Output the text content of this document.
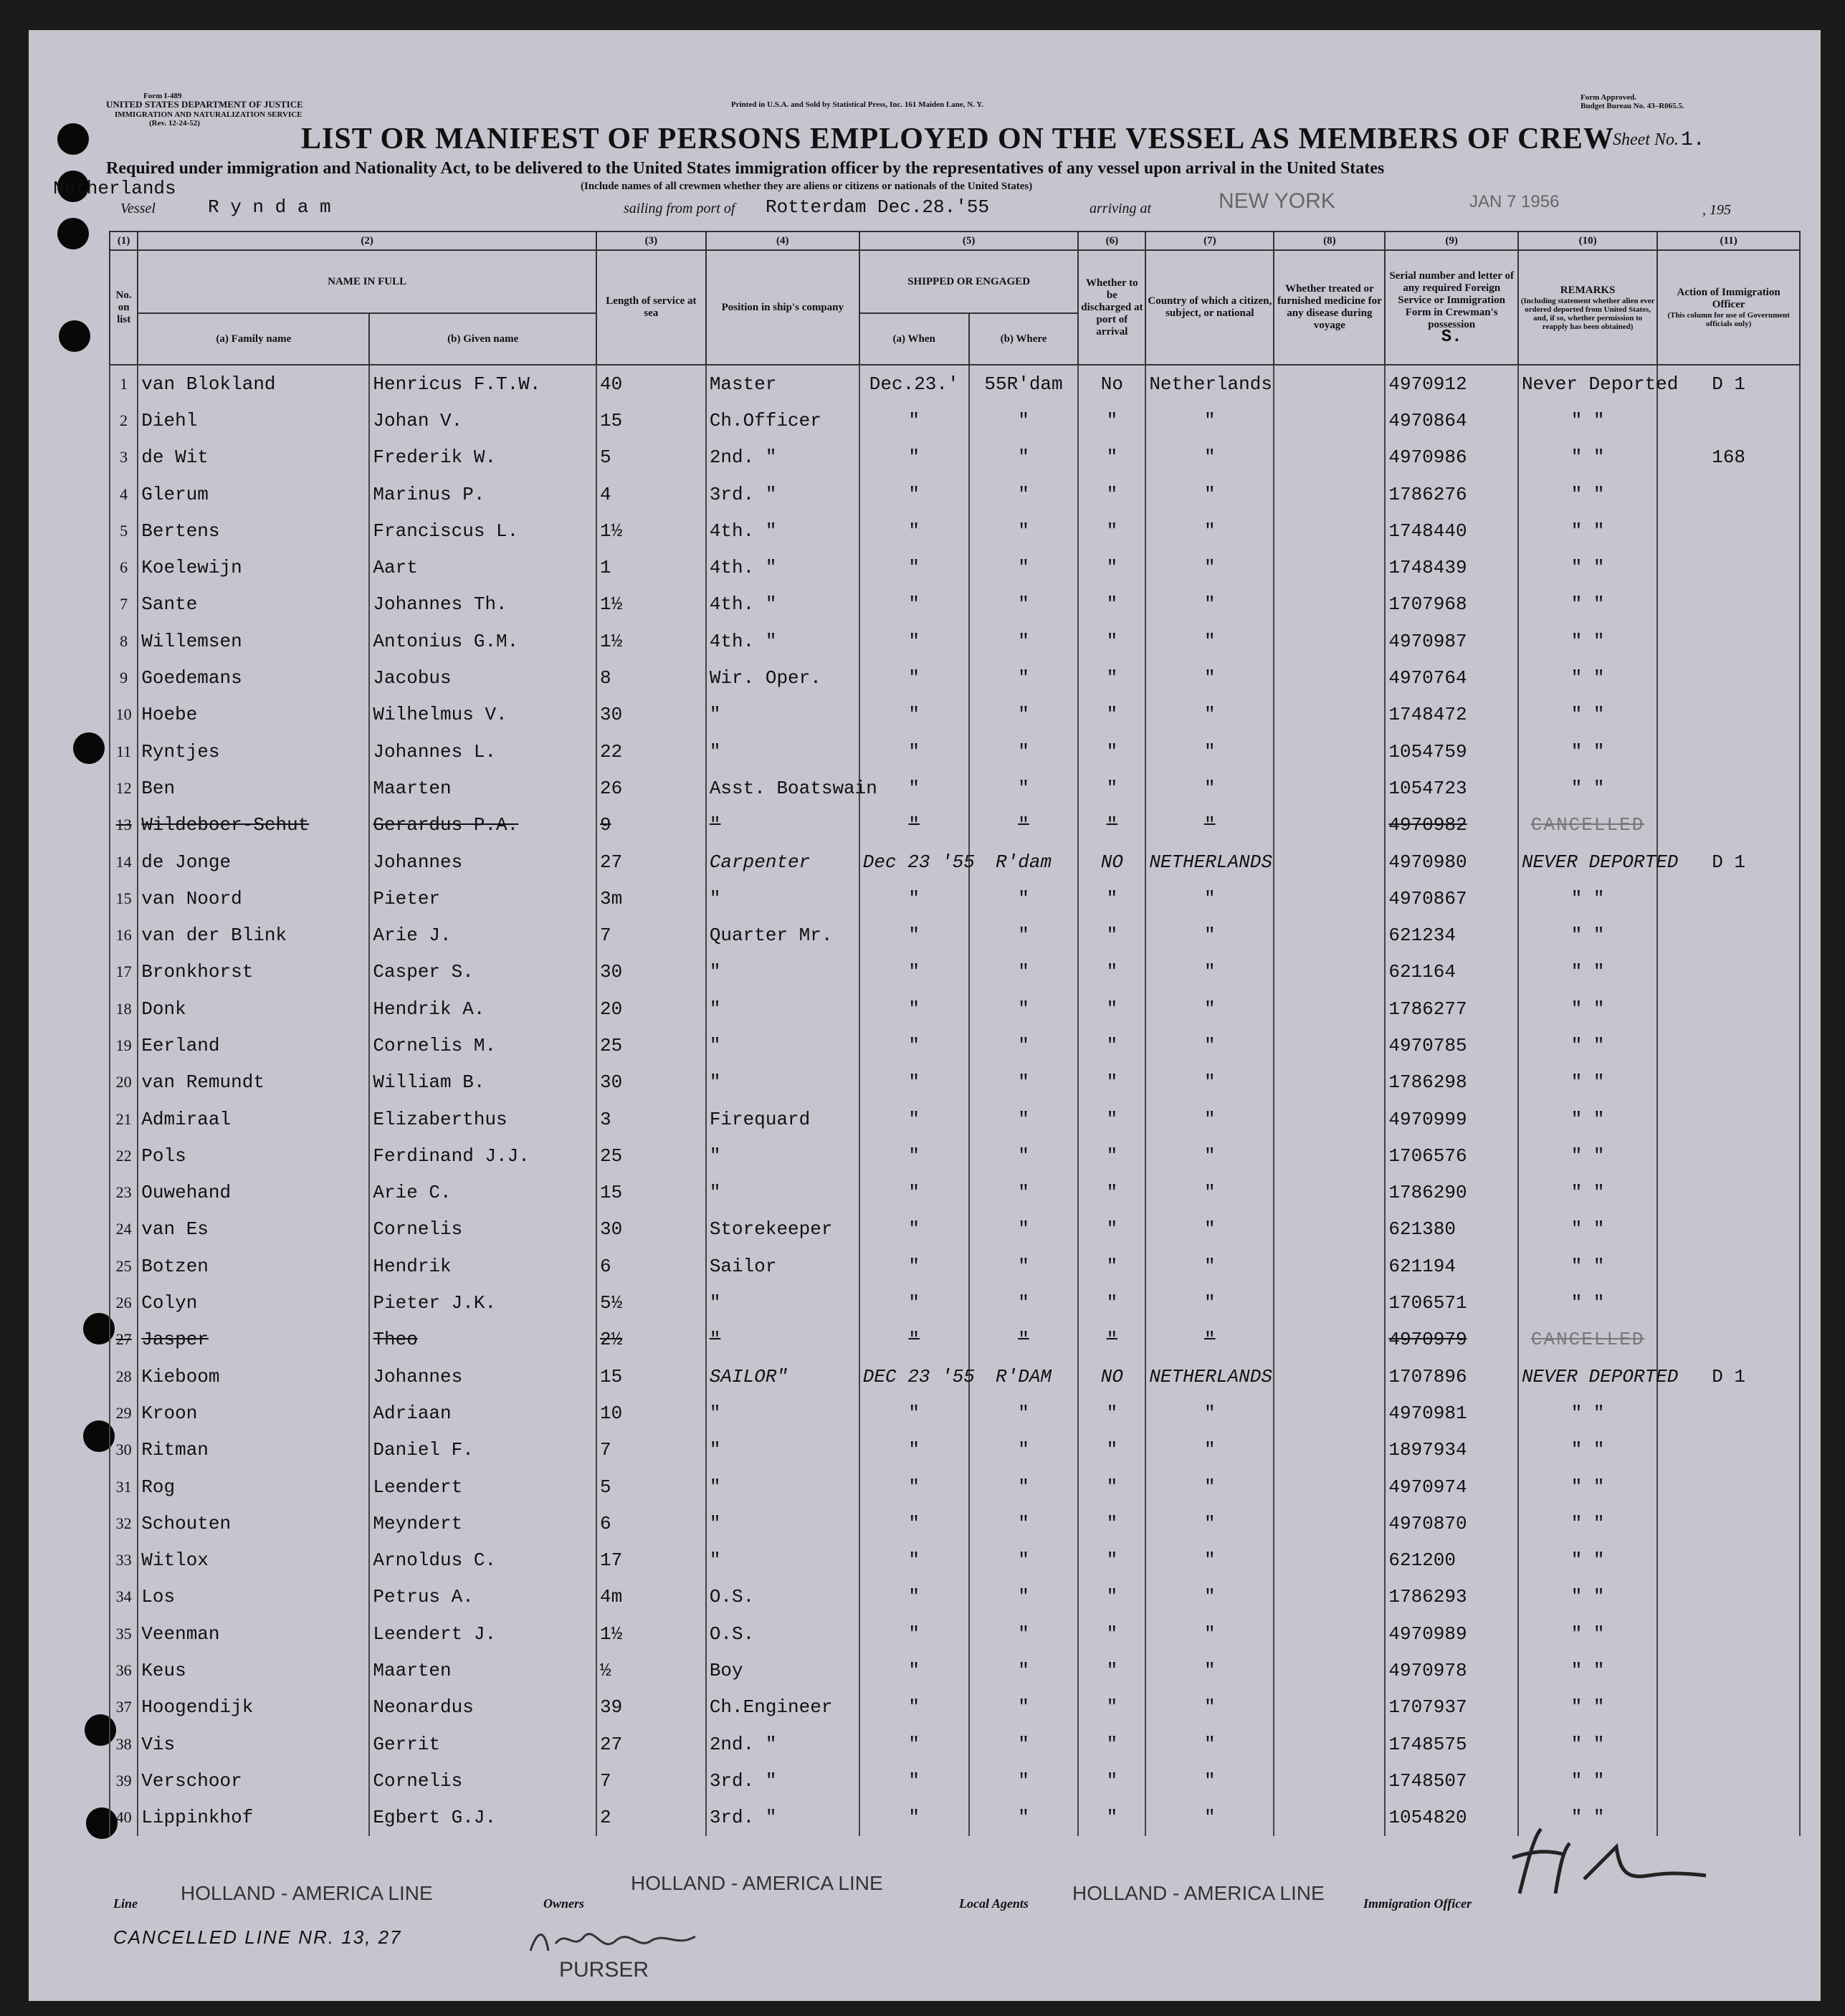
Form I-489
UNITED STATES DEPARTMENT OF JUSTICE
IMMIGRATION AND NATURALIZATION SERVICE
(Rev. 12-24-52)
Printed in U.S.A. and Sold by Statistical Press, Inc. 161 Maiden Lane, N. Y.
Form Approved.
Budget Bureau No. 43–R065.5.
LIST OR MANIFEST OF PERSONS EMPLOYED ON THE VESSEL AS MEMBERS OF CREW
Sheet No. 1.
Required under immigration and Nationality Act, to be delivered to the United States immigration officer by the representatives of any vessel upon arrival in the United States
Netherlands	(Include names of all crewmen whether they are aliens or citizens or nationals of the United States)
Vessel	R y n d a m	sailing from port of Rotterdam Dec.28.'55	arriving at	NEW YORK	JAN 7 1956	, 195
(1)	(2)		(3)	(4)	(5)		(6)	(7)	(8)	(9)	(10)	(11)
No. on list	NAME IN FULL		Length of service at sea	Position in ship's company	SHIPPED OR ENGAGED		Whether to be discharged at port of arrival	Country of which a citizen, subject, or national	Whether treated or furnished medicine for any disease during voyage	Serial number and letter of any required Foreign Service or Immigration Form in Crewman's possession
S.	REMARKS

(Including statement whether alien ever ordered deported from United States, and, if so, whether permission to reapply has been obtained)	Action of Immigration Officer

(This column for use of Government officials only)

	(a) Family name	(b) Given name			(a) When	(b) Where						
1	van Blokland	Henricus F.T.W.	40	Master	Dec.23.'	55R'dam	No	Netherlands		4970912	Never Deported	D 1
2	Diehl	Johan V.	15	Ch.Officer	"	"	"	"		4970864	" "	
3	de Wit	Frederik W.	5	2nd. "	"	"	"	"		4970986	" "	168
4	Glerum	Marinus P.	4	3rd. "	"	"	"	"		1786276	" "	
5	Bertens	Franciscus L.	1½	4th. "	"	"	"	"		1748440	" "	
6	Koelewijn	Aart	1	4th. "	"	"	"	"		1748439	" "	
7	Sante	Johannes Th.	1½	4th. "	"	"	"	"		1707968	" "	
8	Willemsen	Antonius G.M.	1½	4th. "	"	"	"	"		4970987	" "	
9	Goedemans	Jacobus	8	Wir. Oper.	"	"	"	"		4970764	" "	
10	Hoebe	Wilhelmus V.	30	"	"	"	"	"		1748472	" "	
11	Ryntjes	Johannes L.	22	"	"	"	"	"		1054759	" "	
12	Ben	Maarten	26	Asst. Boatswain	"	"	"	"		1054723	" "	
13	Wildeboer-Schut	Gerardus P.A.	9	"	"	"	"	"		4970982	CANCELLED	
14	de Jonge	Johannes	27	Carpenter	Dec 23 '55	R'dam	NO	NETHERLANDS		4970980	NEVER DEPORTED	D 1
15	van Noord	Pieter	3m	"	"	"	"	"		4970867	" "	
16	van der Blink	Arie J.	7	Quarter Mr.	"	"	"	"		621234	" "	
17	Bronkhorst	Casper S.	30	"	"	"	"	"		621164	" "	
18	Donk	Hendrik A.	20	"	"	"	"	"		1786277	" "	
19	Eerland	Cornelis M.	25	"	"	"	"	"		4970785	" "	
20	van Remundt	William B.	30	"	"	"	"	"		1786298	" "	
21	Admiraal	Elizaberthus	3	Firequard	"	"	"	"		4970999	" "	
22	Pols	Ferdinand J.J.	25	"	"	"	"	"		1706576	" "	
23	Ouwehand	Arie C.	15	"	"	"	"	"		1786290	" "	
24	van Es	Cornelis	30	Storekeeper	"	"	"	"		621380	" "	
25	Botzen	Hendrik	6	Sailor	"	"	"	"		621194	" "	
26	Colyn	Pieter J.K.	5½	"	"	"	"	"		1706571	" "	
27	Jasper	Theo	2½	"	"	"	"	"		4970979	CANCELLED	
28	Kieboom	Johannes	15	SAILOR"	DEC 23 '55	R'DAM	NO	NETHERLANDS		1707896	NEVER DEPORTED	D 1
29	Kroon	Adriaan	10	"	"	"	"	"		4970981	" "	
30	Ritman	Daniel F.	7	"	"	"	"	"		1897934	" "	
31	Rog	Leendert	5	"	"	"	"	"		4970974	" "	
32	Schouten	Meyndert	6	"	"	"	"	"		4970870	" "	
33	Witlox	Arnoldus C.	17	"	"	"	"	"		621200	" "	
34	Los	Petrus A.	4m	O.S.	"	"	"	"		1786293	" "	
35	Veenman	Leendert J.	1½	O.S.	"	"	"	"		4970989	" "	
36	Keus	Maarten	½	Boy	"	"	"	"		4970978	" "	
37	Hoogendijk	Neonardus	39	Ch.Engineer	"	"	"	"		1707937	" "	
38	Vis	Gerrit	27	2nd. "	"	"	"	"		1748575	" "	
39	Verschoor	Cornelis	7	3rd. "	"	"	"	"		1748507	" "	
40	Lippinkhof	Egbert G.J.	2	3rd. "	"	"	"	"		1054820	" "	
Line HOLLAND - AMERICA LINE	Owners
HOLLAND - AMERICA LINE
Local Agents HOLLAND - AMERICA LINE	Immigration Officer
CANCELLED LINE NR. 13, 27
PURSER
